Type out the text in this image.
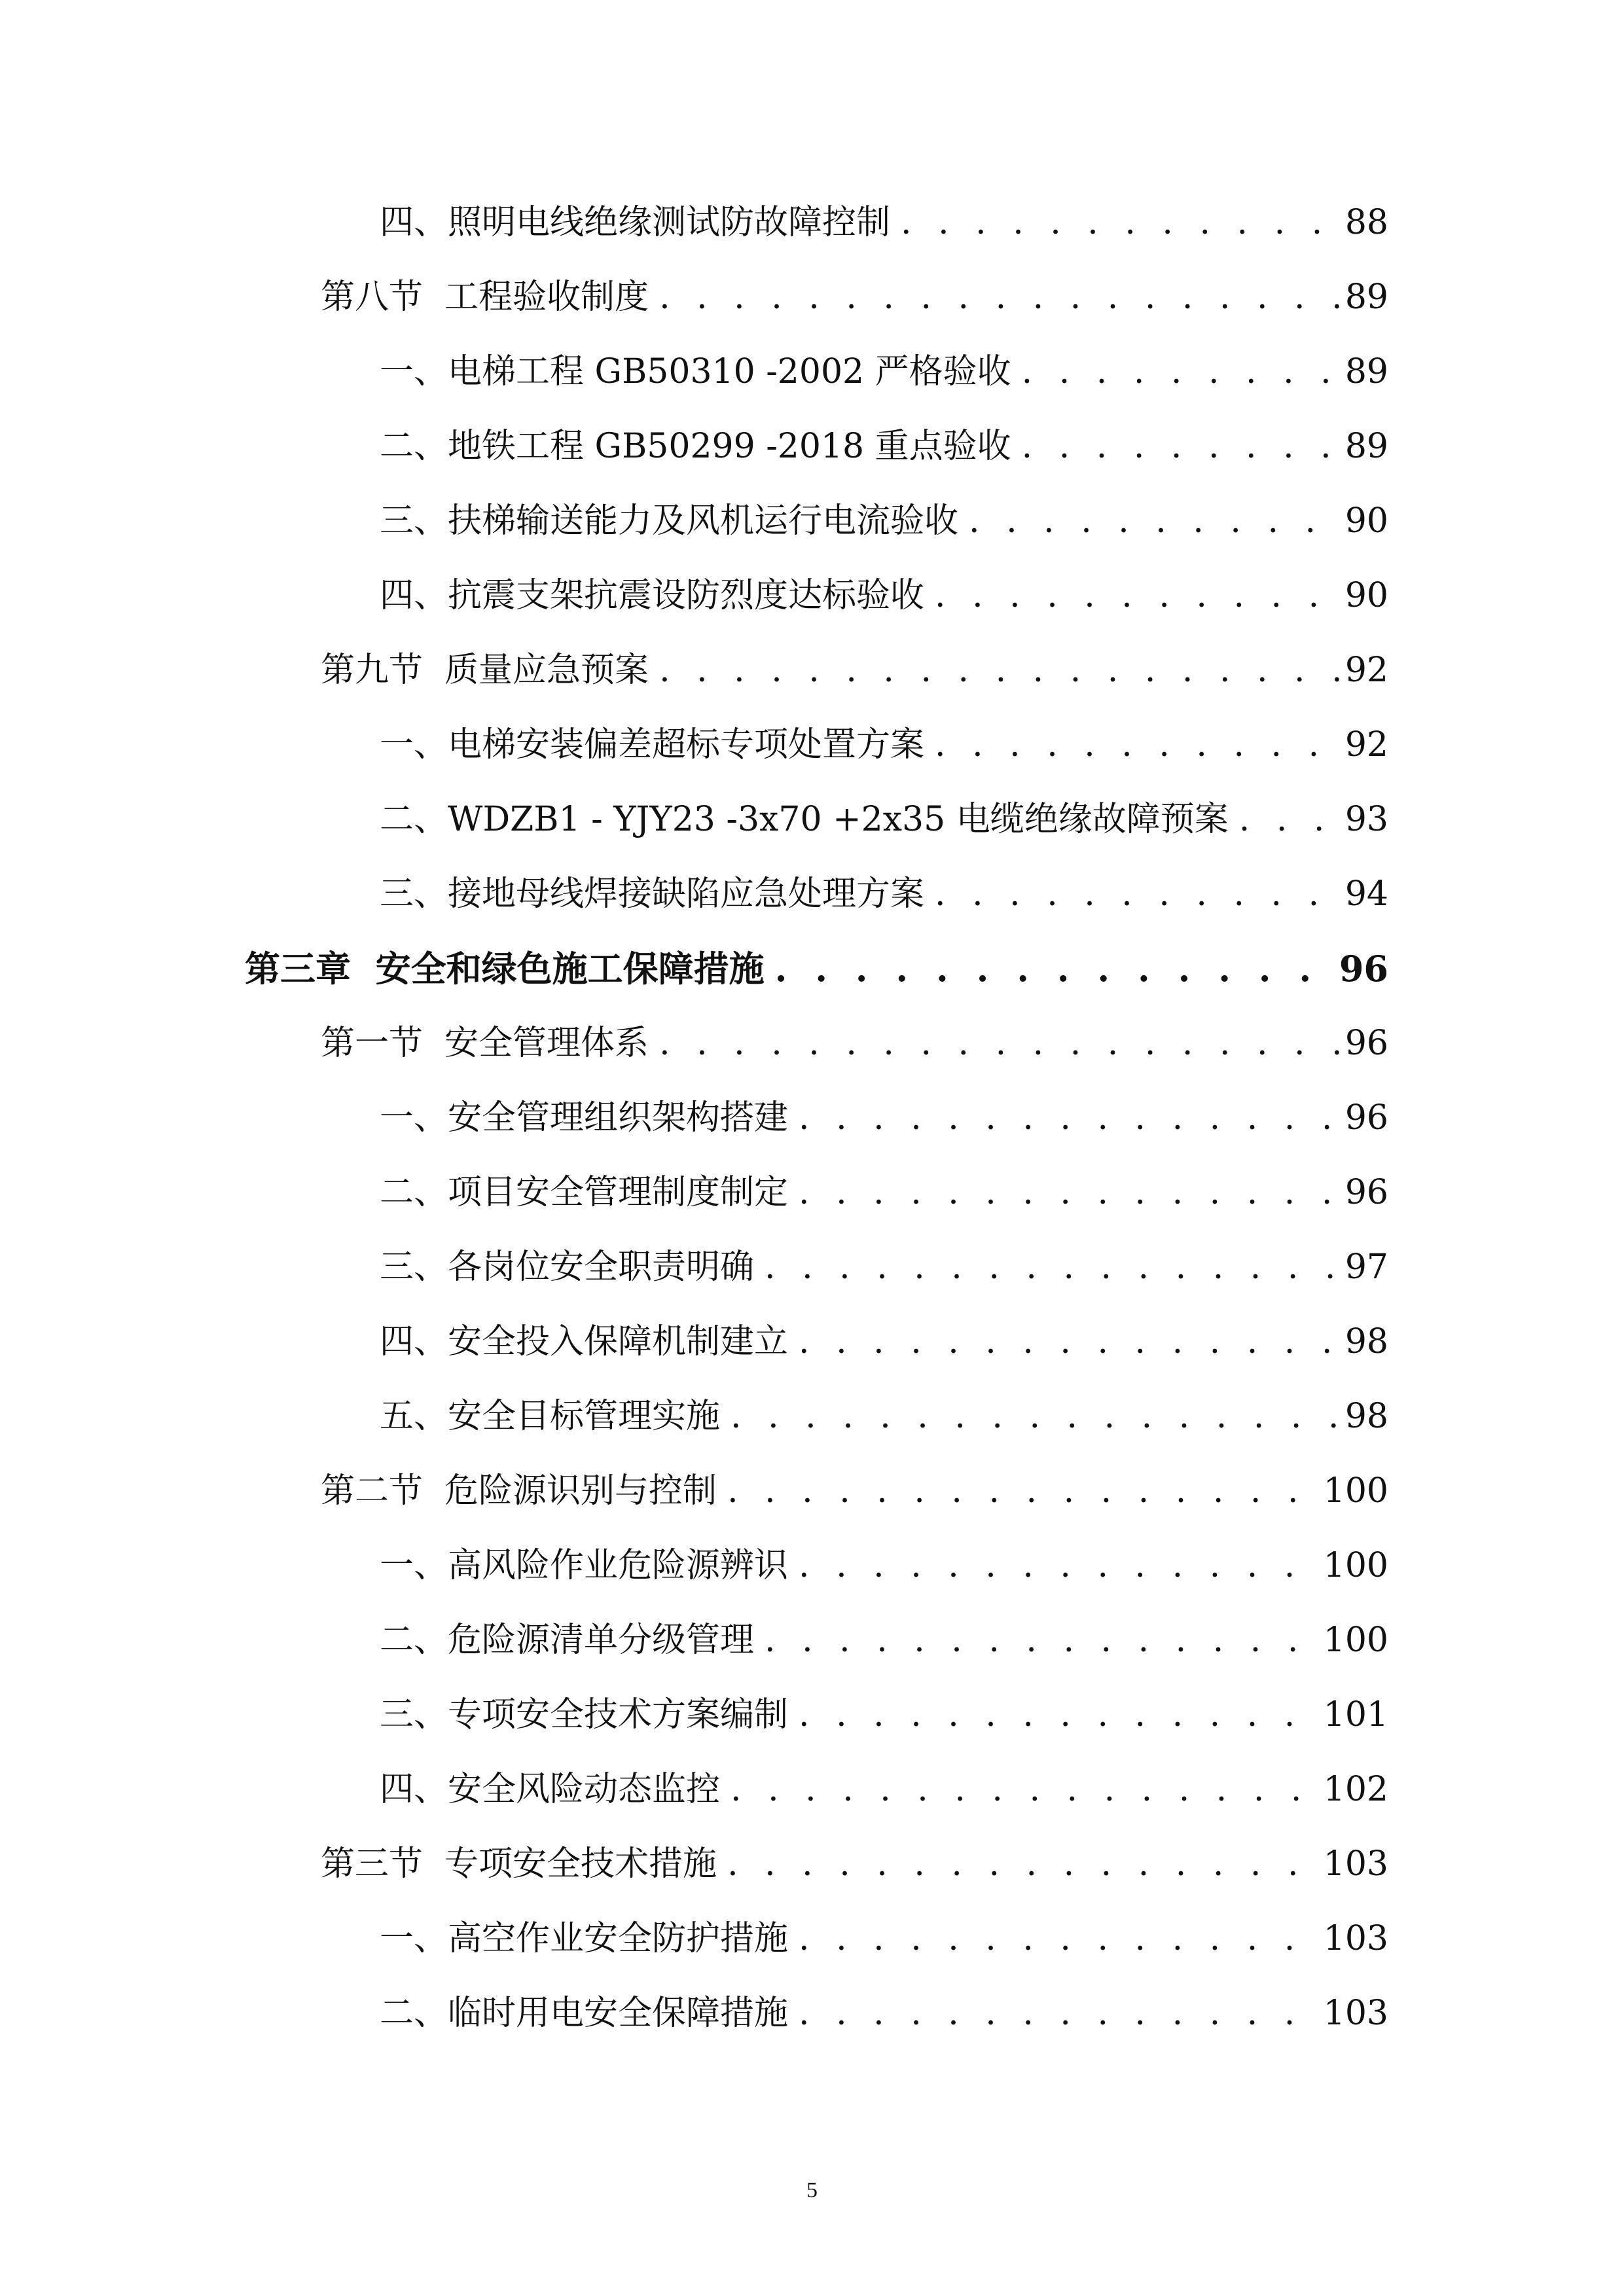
四、照明电线绝缘测试防故障控制 . . .	88
第八节  工程验收制度 . . .	89
一、电梯工程 GB50310 -2002 严格验收 . . .	89
二、地铁工程 GB50299 -2018 重点验收 . . .	89
三、扶梯输送能力及风机运行电流验收 . . .	90
四、抗震支架抗震设防烈度达标验收 . . .	90
第九节  质量应急预案 . . .	92
一、电梯安装偏差超标专项处置方案 . . .	92
二、WDZB1 - YJY23 -3x70 +2x35 电缆绝缘故障预案 . . .	93
三、接地母线焊接缺陷应急处理方案 . . .	94
第三章  安全和绿色施工保障措施 . . .	96
第一节  安全管理体系 . . .	96
一、安全管理组织架构搭建 . . .	96
二、项目安全管理制度制定 . . .	96
三、各岗位安全职责明确 . . .	97
四、安全投入保障机制建立 . . .	98
五、安全目标管理实施 . . .	98
第二节  危险源识别与控制 . . .	100
一、高风险作业危险源辨识 . . .	100
二、危险源清单分级管理 . . .	100
三、专项安全技术方案编制 . . .	101
四、安全风险动态监控 . . .	102
第三节  专项安全技术措施 . . .	103
一、高空作业安全防护措施 . . .	103
二、临时用电安全保障措施 . . .	103
5
